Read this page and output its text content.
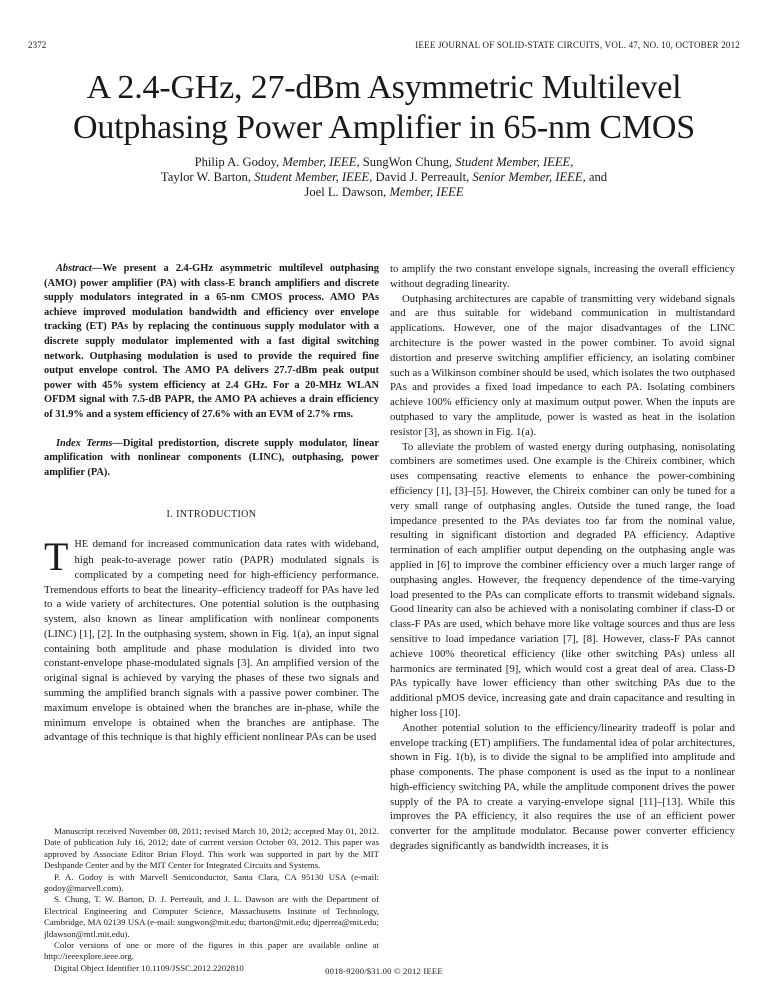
2372	IEEE JOURNAL OF SOLID-STATE CIRCUITS, VOL. 47, NO. 10, OCTOBER 2012
A 2.4-GHz, 27-dBm Asymmetric Multilevel Outphasing Power Amplifier in 65-nm CMOS
Philip A. Godoy, Member, IEEE, SungWon Chung, Student Member, IEEE,
Taylor W. Barton, Student Member, IEEE, David J. Perreault, Senior Member, IEEE, and
Joel L. Dawson, Member, IEEE

Abstract—We present a 2.4-GHz asymmetric multilevel outphasing (AMO) power amplifier (PA) with class-E branch amplifiers and discrete supply modulators integrated in a 65-nm CMOS process. AMO PAs achieve improved modulation bandwidth and efficiency over envelope tracking (ET) PAs by replacing the continuous supply modulator with a discrete supply modulator implemented with a fast digital switching network. Outphasing modulation is used to provide the required fine output envelope control. The AMO PA delivers 27.7-dBm peak output power with 45% system efficiency at 2.4 GHz. For a 20-MHz WLAN OFDM signal with 7.5-dB PAPR, the AMO PA achieves a drain efficiency of 31.9% and a system efficiency of 27.6% with an EVM of 2.7% rms.

Index Terms—Digital predistortion, discrete supply modulator, linear amplification with nonlinear components (LINC), outphasing, power amplifier (PA).

I. INTRODUCTION

THE demand for increased communication data rates with wideband, high peak-to-average power ratio (PAPR) modulated signals is complicated by a competing need for high-efficiency performance. Tremendous efforts to beat the linearity–efficiency tradeoff for PAs have led to a wide variety of architectures. One potential solution is the outphasing system, also known as linear amplification with nonlinear components (LINC) [1], [2]. In the outphasing system, shown in Fig. 1(a), an input signal containing both amplitude and phase modulation is divided into two constant-envelope phase-modulated signals [3]. An amplified version of the original signal is achieved by varying the phases of these two signals and summing the amplified branch signals with a passive power combiner. The maximum envelope is obtained when the branches are in-phase, while the minimum envelope is obtained when the branches are antiphase. The advantage of this technique is that highly efficient nonlinear PAs can be used

Manuscript received November 08, 2011; revised March 10, 2012; accepted May 01, 2012. Date of publication July 16, 2012; date of current version October 03, 2012. This paper was approved by Associate Editor Brian Floyd. This work was supported in part by the MIT Deshpande Center and by the MIT Center for Integrated Circuits and Systems.

P. A. Godoy is with Marvell Semiconductor, Santa Clara, CA 95130 USA (e-mail: godoy@marvell.com).

S. Chung, T. W. Barton, D. J. Perreault, and J. L. Dawson are with the Department of Electrical Engineering and Computer Science, Massachusetts Institute of Technology, Cambridge, MA 02139 USA (e-mail: sungwon@mit.edu; tbarton@mit.edu; djperrea@mit.edu; jldawson@mtl.mit.edu).

Color versions of one or more of the figures in this paper are available online at http://ieeexplore.ieee.org.

Digital Object Identifier 10.1109/JSSC.2012.2202810

to amplify the two constant envelope signals, increasing the overall efficiency without degrading linearity.

Outphasing architectures are capable of transmitting very wideband signals and are thus suitable for wideband communication in multistandard applications. However, one of the major disadvantages of the LINC architecture is the power wasted in the power combiner. To avoid signal distortion and preserve switching amplifier efficiency, an isolating combiner such as a Wilkinson combiner should be used, which isolates the two outphased PAs and provides a fixed load impedance to each PA. Isolating combiners achieve 100% efficiency only at maximum output power. When the inputs are outphased to vary the amplitude, power is wasted as heat in the isolation resistor [3], as shown in Fig. 1(a).

To alleviate the problem of wasted energy during outphasing, nonisolating combiners are sometimes used. One example is the Chireix combiner, which uses compensating reactive elements to enhance the power-combining efficiency [1], [3]–[5]. However, the Chireix combiner can only be tuned for a very small range of outphasing angles. Outside the tuned range, the load impedance presented to the PAs deviates too far from the nominal value, resulting in significant distortion and degraded PA efficiency. Adaptive termination of each amplifier output depending on the outphasing angle was applied in [6] to improve the combiner efficiency over a much larger range of outphasing angles. However, the frequency dependence of the time-varying load presented to the PAs can complicate efforts to transmit wideband signals. Good linearity can also be achieved with a nonisolating combiner if class-D or class-F PAs are used, which behave more like voltage sources and thus are less sensitive to load impedance variation [7], [8]. However, class-F PAs cannot achieve 100% theoretical efficiency (like other switching PAs) unless all harmonics are terminated [9], which would cost a great deal of area. Class-D PAs typically have lower efficiency than other switching PAs due to the additional pMOS device, increasing gate and drain capacitance and resulting in higher loss [10].

Another potential solution to the efficiency/linearity tradeoff is polar and envelope tracking (ET) amplifiers. The fundamental idea of polar architectures, shown in Fig. 1(b), is to divide the signal to be amplified into amplitude and phase components. The phase component is used as the input to a nonlinear high-efficiency switching PA, while the amplitude component drives the power supply of the PA to create a varying-envelope signal [11]–[13]. While this improves the PA efficiency, it also requires the use of an efficient power converter for the amplitude modulator. Because power converter efficiency degrades significantly as bandwidth increases, it is

0018-9200/$31.00 © 2012 IEEE
